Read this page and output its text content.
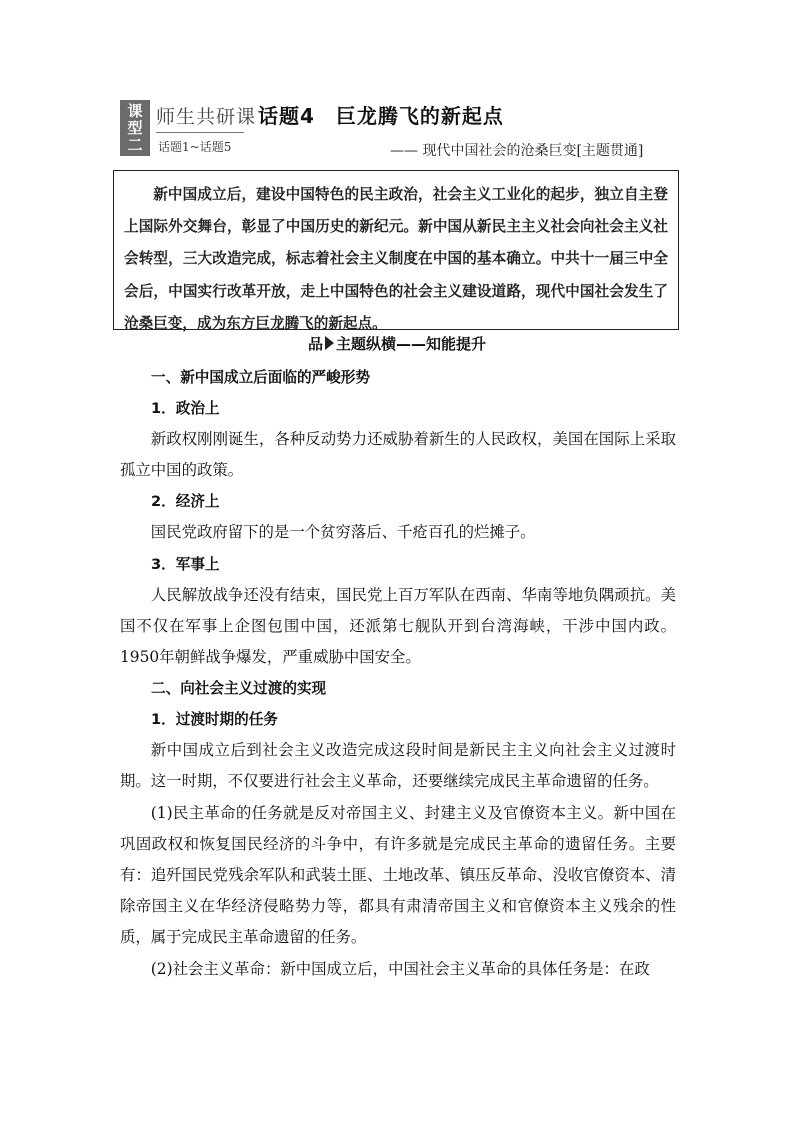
课
型
二
师生共研课
话题1~话题5
话题4　巨龙腾飞的新起点
—— 现代中国社会的沧桑巨变[主题贯通]

新中国成立后，建设中国特色的民主政治，社会主义工业化的起步，独立自主登上国际外交舞台，彰显了中国历史的新纪元。新中国从新民主主义社会向社会主义社会转型，三大改造完成，标志着社会主义制度在中国的基本确立。中共十一届三中全会后，中国实行改革开放，走上中国特色的社会主义建设道路，现代中国社会发生了沧桑巨变，成为东方巨龙腾飞的新起点。

品 主题纵横——知能提升

一、新中国成立后面临的严峻形势

1．政治上

新政权刚刚诞生，各种反动势力还威胁着新生的人民政权，美国在国际上采取孤立中国的政策。

2．经济上

国民党政府留下的是一个贫穷落后、千疮百孔的烂摊子。

3．军事上

人民解放战争还没有结束，国民党上百万军队在西南、华南等地负隅顽抗。美国不仅在军事上企图包围中国，还派第七舰队开到台湾海峡，干涉中国内政。1950年朝鲜战争爆发，严重威胁中国安全。

二、向社会主义过渡的实现

1．过渡时期的任务

新中国成立后到社会主义改造完成这段时间是新民主主义向社会主义过渡时期。这一时期，不仅要进行社会主义革命，还要继续完成民主革命遗留的任务。

(1)民主革命的任务就是反对帝国主义、封建主义及官僚资本主义。新中国在巩固政权和恢复国民经济的斗争中，有许多就是完成民主革命的遗留任务。主要有：追歼国民党残余军队和武装土匪、土地改革、镇压反革命、没收官僚资本、清除帝国主义在华经济侵略势力等，都具有肃清帝国主义和官僚资本主义残余的性质，属于完成民主革命遗留的任务。

(2)社会主义革命：新中国成立后，中国社会主义革命的具体任务是：在政
